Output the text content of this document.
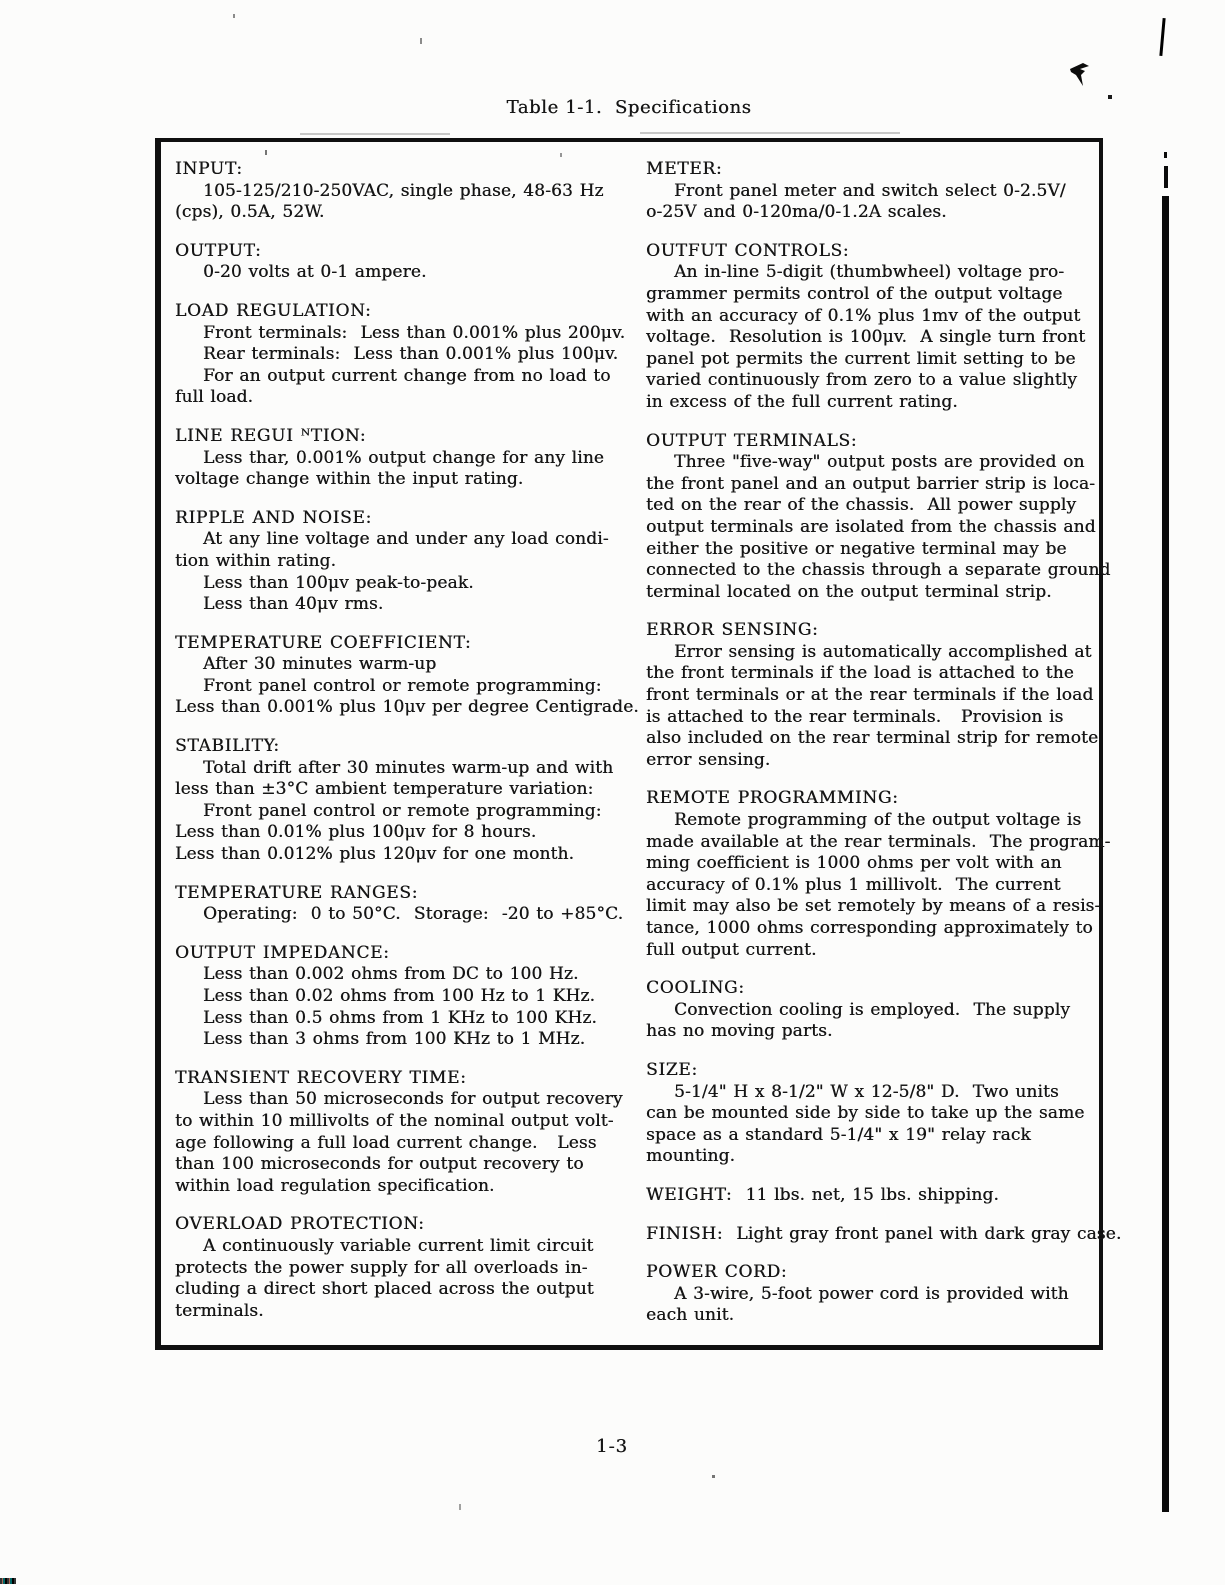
Table 1-1.  Specifications
INPUT:
105-125/210-250VAC, single phase, 48-63 Hz
(cps), 0.5A, 52W.
OUTPUT:
0-20 volts at 0-1 ampere.
LOAD REGULATION:
Front terminals:  Less than 0.001% plus 200μv.
Rear terminals:  Less than 0.001% plus 100μv.
For an output current change from no load to
full load.
LINE REGUI ᴺTION:
Less thar, 0.001% output change for any line
voltage change within the input rating.
RIPPLE AND NOISE:
At any line voltage and under any load condi-
tion within rating.
Less than 100μv peak-to-peak.
Less than 40μv rms.
TEMPERATURE COEFFICIENT:
After 30 minutes warm-up
Front panel control or remote programming:
Less than 0.001% plus 10μv per degree Centigrade.
STABILITY:
Total drift after 30 minutes warm-up and with
less than ±3°C ambient temperature variation:
Front panel control or remote programming:
Less than 0.01% plus 100μv for 8 hours.
Less than 0.012% plus 120μv for one month.
TEMPERATURE RANGES:
Operating:  0 to 50°C.  Storage:  -20 to +85°C.
OUTPUT IMPEDANCE:
Less than 0.002 ohms from DC to 100 Hz.
Less than 0.02 ohms from 100 Hz to 1 KHz.
Less than 0.5 ohms from 1 KHz to 100 KHz.
Less than 3 ohms from 100 KHz to 1 MHz.
TRANSIENT RECOVERY TIME:
Less than 50 microseconds for output recovery
to within 10 millivolts of the nominal output volt-
age following a full load current change.   Less
than 100 microseconds for output recovery to
within load regulation specification.
OVERLOAD PROTECTION:
A continuously variable current limit circuit
protects the power supply for all overloads in-
cluding a direct short placed across the output
terminals.
METER:
Front panel meter and switch select 0-2.5V/
o-25V and 0-120ma/0-1.2A scales.
OUTFUT CONTROLS:
An in-line 5-digit (thumbwheel) voltage pro-
grammer permits control of the output voltage
with an accuracy of 0.1% plus 1mv of the output
voltage.  Resolution is 100μv.  A single turn front
panel pot permits the current limit setting to be
varied continuously from zero to a value slightly
in excess of the full current rating.
OUTPUT TERMINALS:
Three "five-way" output posts are provided on
the front panel and an output barrier strip is loca-
ted on the rear of the chassis.  All power supply
output terminals are isolated from the chassis and
either the positive or negative terminal may be
connected to the chassis through a separate ground
terminal located on the output terminal strip.
ERROR SENSING:
Error sensing is automatically accomplished at
the front terminals if the load is attached to the
front terminals or at the rear terminals if the load
is attached to the rear terminals.   Provision is
also included on the rear terminal strip for remote
error sensing.
REMOTE PROGRAMMING:
Remote programming of the output voltage is
made available at the rear terminals.  The program-
ming coefficient is 1000 ohms per volt with an
accuracy of 0.1% plus 1 millivolt.  The current
limit may also be set remotely by means of a resis-
tance, 1000 ohms corresponding approximately to
full output current.
COOLING:
Convection cooling is employed.  The supply
has no moving parts.
SIZE:
5-1/4" H x 8-1/2" W x 12-5/8" D.  Two units
can be mounted side by side to take up the same
space as a standard 5-1/4" x 19" relay rack
mounting.
WEIGHT:  11 lbs. net, 15 lbs. shipping.
FINISH:  Light gray front panel with dark gray case.
POWER CORD:
A 3-wire, 5-foot power cord is provided with
each unit.
1-3
